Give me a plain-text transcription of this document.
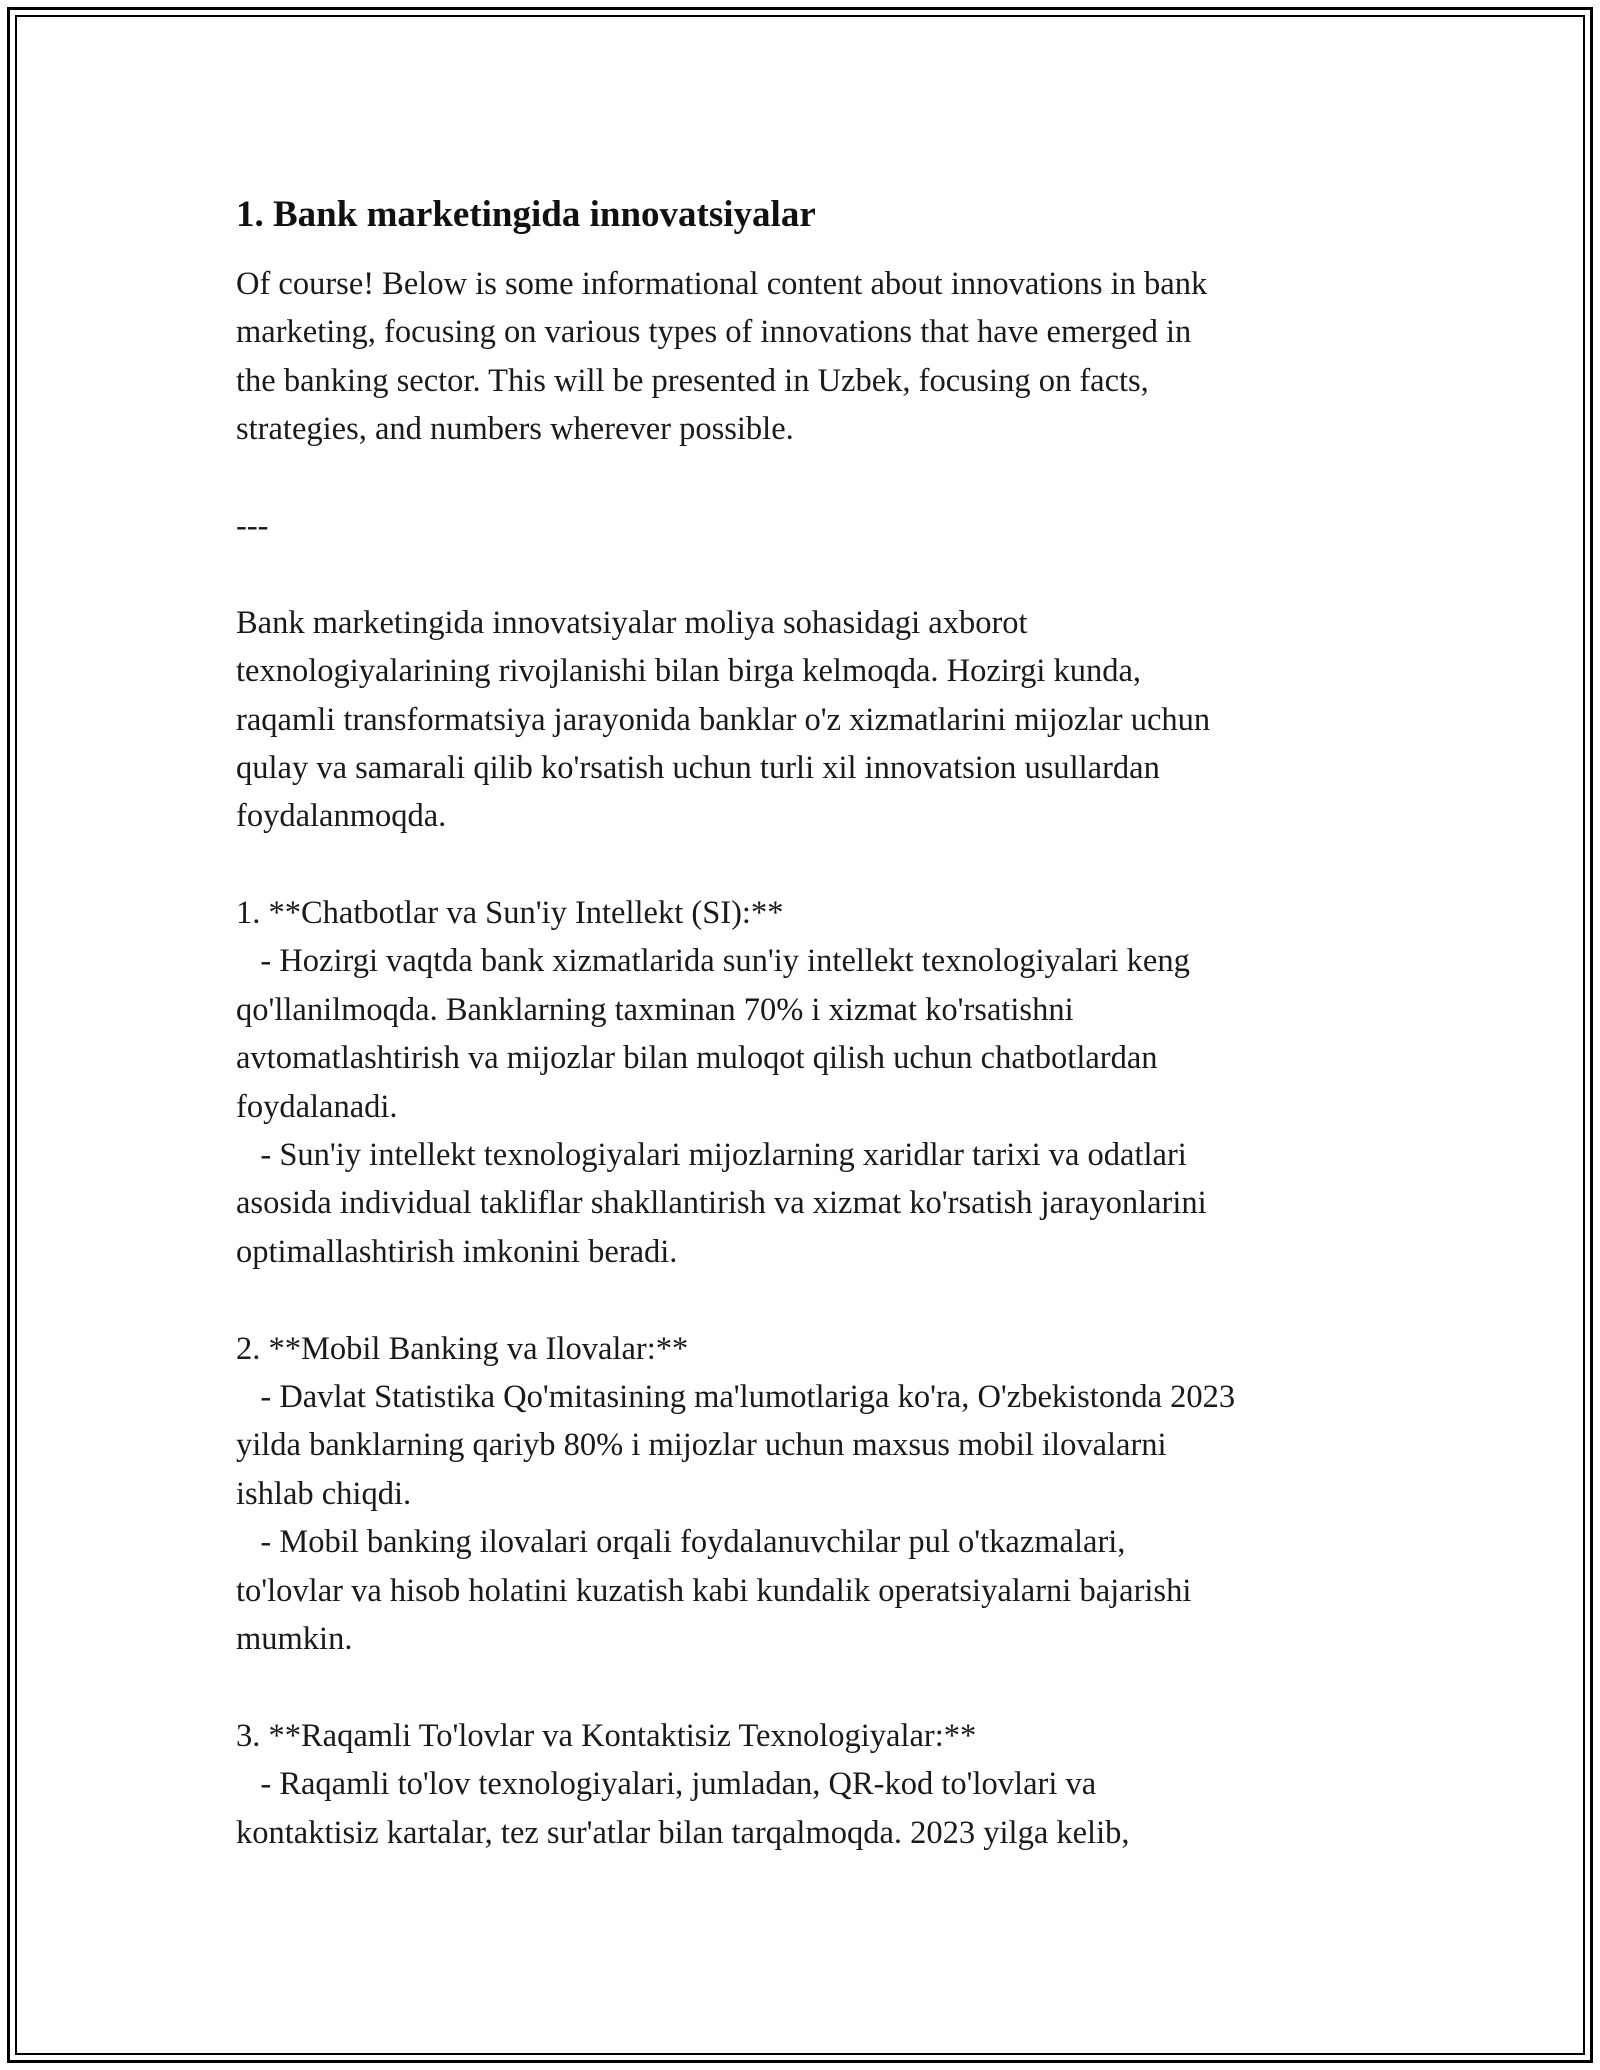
1. Bank marketingida innovatsiyalar
Of course! Below is some informational content about innovations in bank
marketing, focusing on various types of innovations that have emerged in
the banking sector. This will be presented in Uzbek, focusing on facts,
strategies, and numbers wherever possible.
---
Bank marketingida innovatsiyalar moliya sohasidagi axborot
texnologiyalarining rivojlanishi bilan birga kelmoqda. Hozirgi kunda,
raqamli transformatsiya jarayonida banklar o'z xizmatlarini mijozlar uchun
qulay va samarali qilib ko'rsatish uchun turli xil innovatsion usullardan
foydalanmoqda.
1. **Chatbotlar va Sun'iy Intellekt (SI):**
- Hozirgi vaqtda bank xizmatlarida sun'iy intellekt texnologiyalari keng
qo'llanilmoqda. Banklarning taxminan 70% i xizmat ko'rsatishni
avtomatlashtirish va mijozlar bilan muloqot qilish uchun chatbotlardan
foydalanadi.
- Sun'iy intellekt texnologiyalari mijozlarning xaridlar tarixi va odatlari
asosida individual takliflar shakllantirish va xizmat ko'rsatish jarayonlarini
optimallashtirish imkonini beradi.
2. **Mobil Banking va Ilovalar:**
- Davlat Statistika Qo'mitasining ma'lumotlariga ko'ra, O'zbekistonda 2023
yilda banklarning qariyb 80% i mijozlar uchun maxsus mobil ilovalarni
ishlab chiqdi.
- Mobil banking ilovalari orqali foydalanuvchilar pul o'tkazmalari,
to'lovlar va hisob holatini kuzatish kabi kundalik operatsiyalarni bajarishi
mumkin.
3. **Raqamli To'lovlar va Kontaktisiz Texnologiyalar:**
- Raqamli to'lov texnologiyalari, jumladan, QR-kod to'lovlari va
kontaktisiz kartalar, tez sur'atlar bilan tarqalmoqda. 2023 yilga kelib,
